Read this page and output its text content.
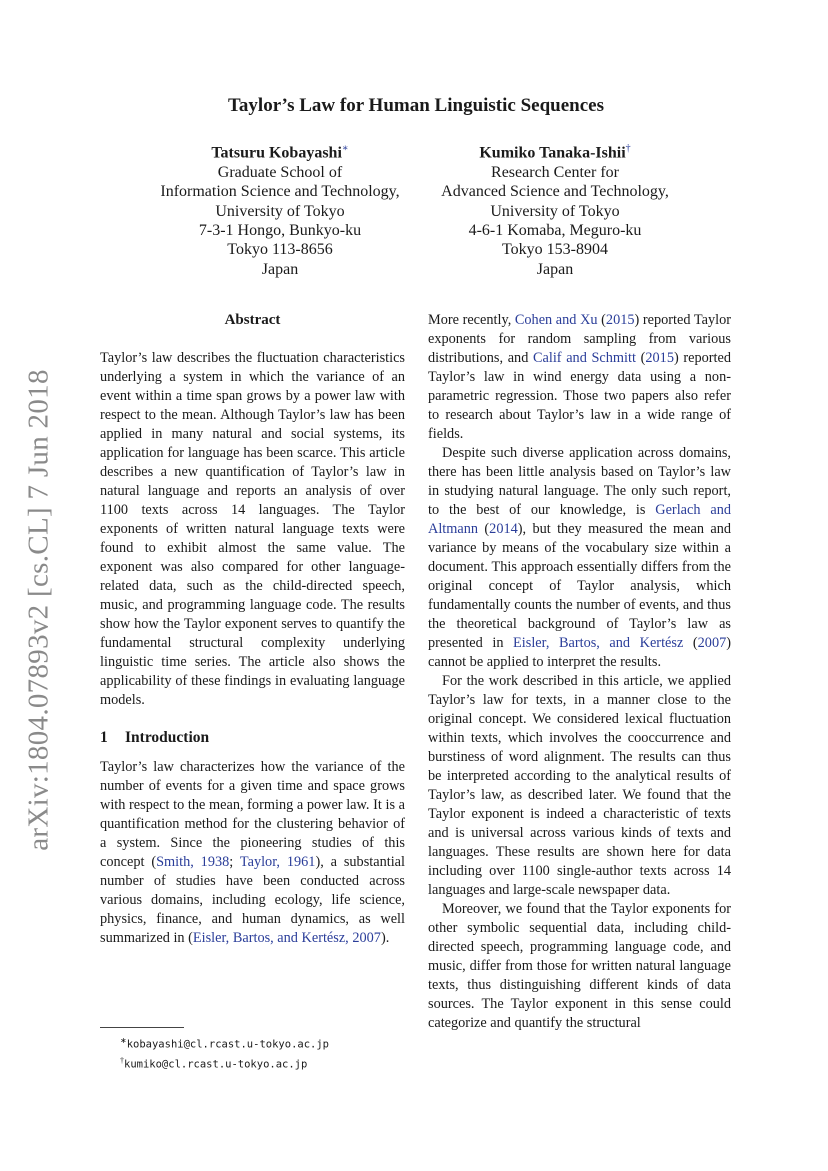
arXiv:1804.07893v2 [cs.CL] 7 Jun 2018
Taylor’s Law for Human Linguistic Sequences
Tatsuru Kobayashi∗
Graduate School of
Information Science and Technology,
University of Tokyo
7-3-1 Hongo, Bunkyo-ku
Tokyo 113-8656
Japan
Kumiko Tanaka-Ishii†
Research Center for
Advanced Science and Technology,
University of Tokyo
4-6-1 Komaba, Meguro-ku
Tokyo 153-8904
Japan
Abstract

Taylor’s law describes the fluctuation characteristics underlying a system in which the variance of an event within a time span grows by a power law with respect to the mean. Although Taylor’s law has been applied in many natural and social systems, its application for language has been scarce. This article describes a new quantification of Taylor’s law in natural language and reports an analysis of over 1100 texts across 14 languages. The Taylor exponents of written natural language texts were found to exhibit almost the same value. The exponent was also compared for other language-related data, such as the child-directed speech, music, and programming language code. The results show how the Taylor exponent serves to quantify the fundamental structural complexity underlying linguistic time series. The article also shows the applicability of these findings in evaluating language models.

1 Introduction

Taylor’s law characterizes how the variance of the number of events for a given time and space grows with respect to the mean, forming a power law. It is a quantification method for the clustering behavior of a system. Since the pioneering studies of this concept (Smith, 1938; Taylor, 1961), a substantial number of studies have been conducted across various domains, including ecology, life science, physics, finance, and human dynamics, as well summarized in (Eisler, Bartos, and Kertész, 2007).

More recently, Cohen and Xu (2015) reported Taylor exponents for random sampling from various distributions, and Calif and Schmitt (2015) reported Taylor’s law in wind energy data using a non-parametric regression. Those two papers also refer to research about Taylor’s law in a wide range of fields.

Despite such diverse application across domains, there has been little analysis based on Taylor’s law in studying natural language. The only such report, to the best of our knowledge, is Gerlach and Altmann (2014), but they measured the mean and variance by means of the vocabulary size within a document. This approach essentially differs from the original concept of Taylor analysis, which fundamentally counts the number of events, and thus the theoretical background of Taylor’s law as presented in Eisler, Bartos, and Kertész (2007) cannot be applied to interpret the results.

For the work described in this article, we applied Taylor’s law for texts, in a manner close to the original concept. We considered lexical fluctuation within texts, which involves the cooccurrence and burstiness of word alignment. The results can thus be interpreted according to the analytical results of Taylor’s law, as described later. We found that the Taylor exponent is indeed a characteristic of texts and is universal across various kinds of texts and languages. These results are shown here for data including over 1100 single-author texts across 14 languages and large-scale newspaper data.

Moreover, we found that the Taylor exponents for other symbolic sequential data, including child-directed speech, programming language code, and music, differ from those for written natural language texts, thus distinguishing different kinds of data sources. The Taylor exponent in this sense could categorize and quantify the structural

∗kobayashi@cl.rcast.u-tokyo.ac.jp
†kumiko@cl.rcast.u-tokyo.ac.jp
